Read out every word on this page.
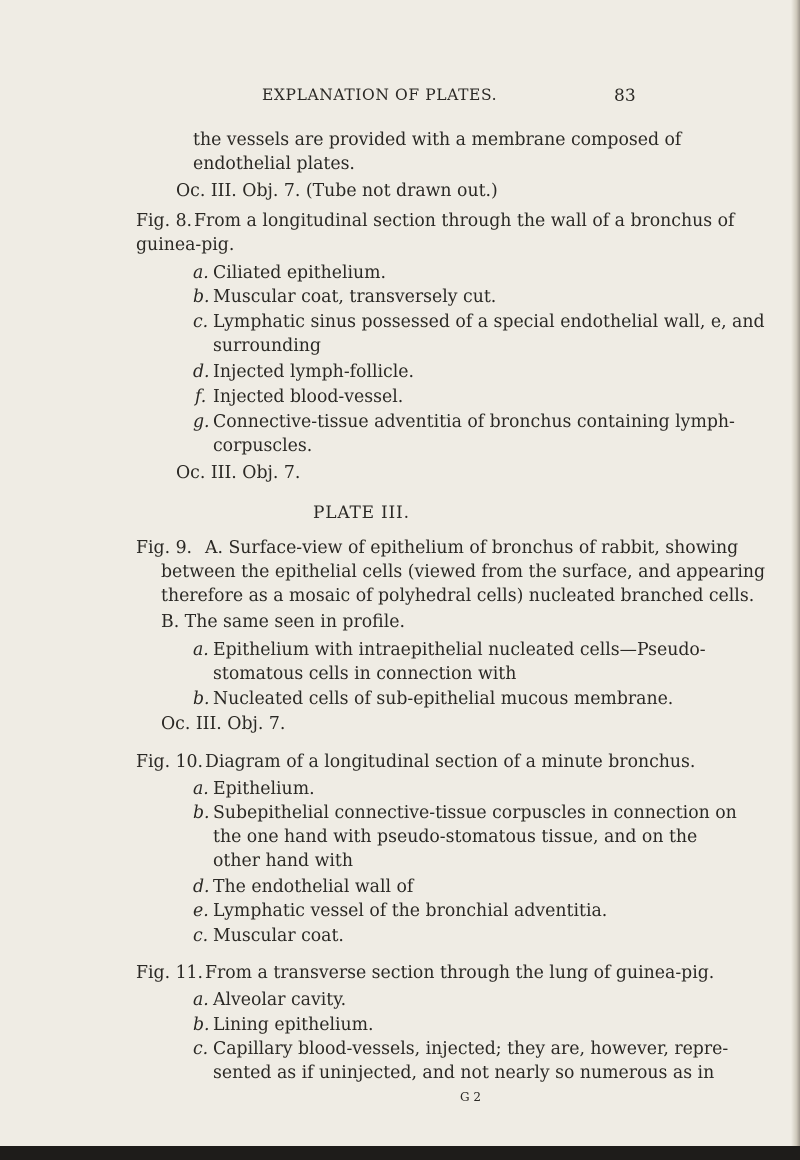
EXPLANATION OF PLATES.	83
the vessels are provided with a membrane composed of
endothelial plates.
Oc. III. Obj. 7. (Tube not drawn out.)
Fig. 8. From a longitudinal section through the wall of a bronchus of
guinea-pig.
a. Ciliated epithelium.
b. Muscular coat, transversely cut.
c. Lymphatic sinus possessed of a special endothelial wall, e, and
surrounding
d. Injected lymph-follicle.
f. Injected blood-vessel.
g. Connective-tissue adventitia of bronchus containing lymph-
corpuscles.
Oc. III. Obj. 7.
PLATE III.
Fig. 9. A. Surface-view of epithelium of bronchus of rabbit, showing
between the epithelial cells (viewed from the surface, and appearing
therefore as a mosaic of polyhedral cells) nucleated branched cells.
B. The same seen in profile.
a. Epithelium with intraepithelial nucleated cells—Pseudo-
stomatous cells in connection with
b. Nucleated cells of sub-epithelial mucous membrane.
Oc. III. Obj. 7.
Fig. 10. Diagram of a longitudinal section of a minute bronchus.
a. Epithelium.
b. Subepithelial connective-tissue corpuscles in connection on
the one hand with pseudo-stomatous tissue, and on the
other hand with
d. The endothelial wall of
e. Lymphatic vessel of the bronchial adventitia.
c. Muscular coat.
Fig. 11. From a transverse section through the lung of guinea-pig.
a. Alveolar cavity.
b. Lining epithelium.
c. Capillary blood-vessels, injected; they are, however, repre-
sented as if uninjected, and not nearly so numerous as in
G 2
